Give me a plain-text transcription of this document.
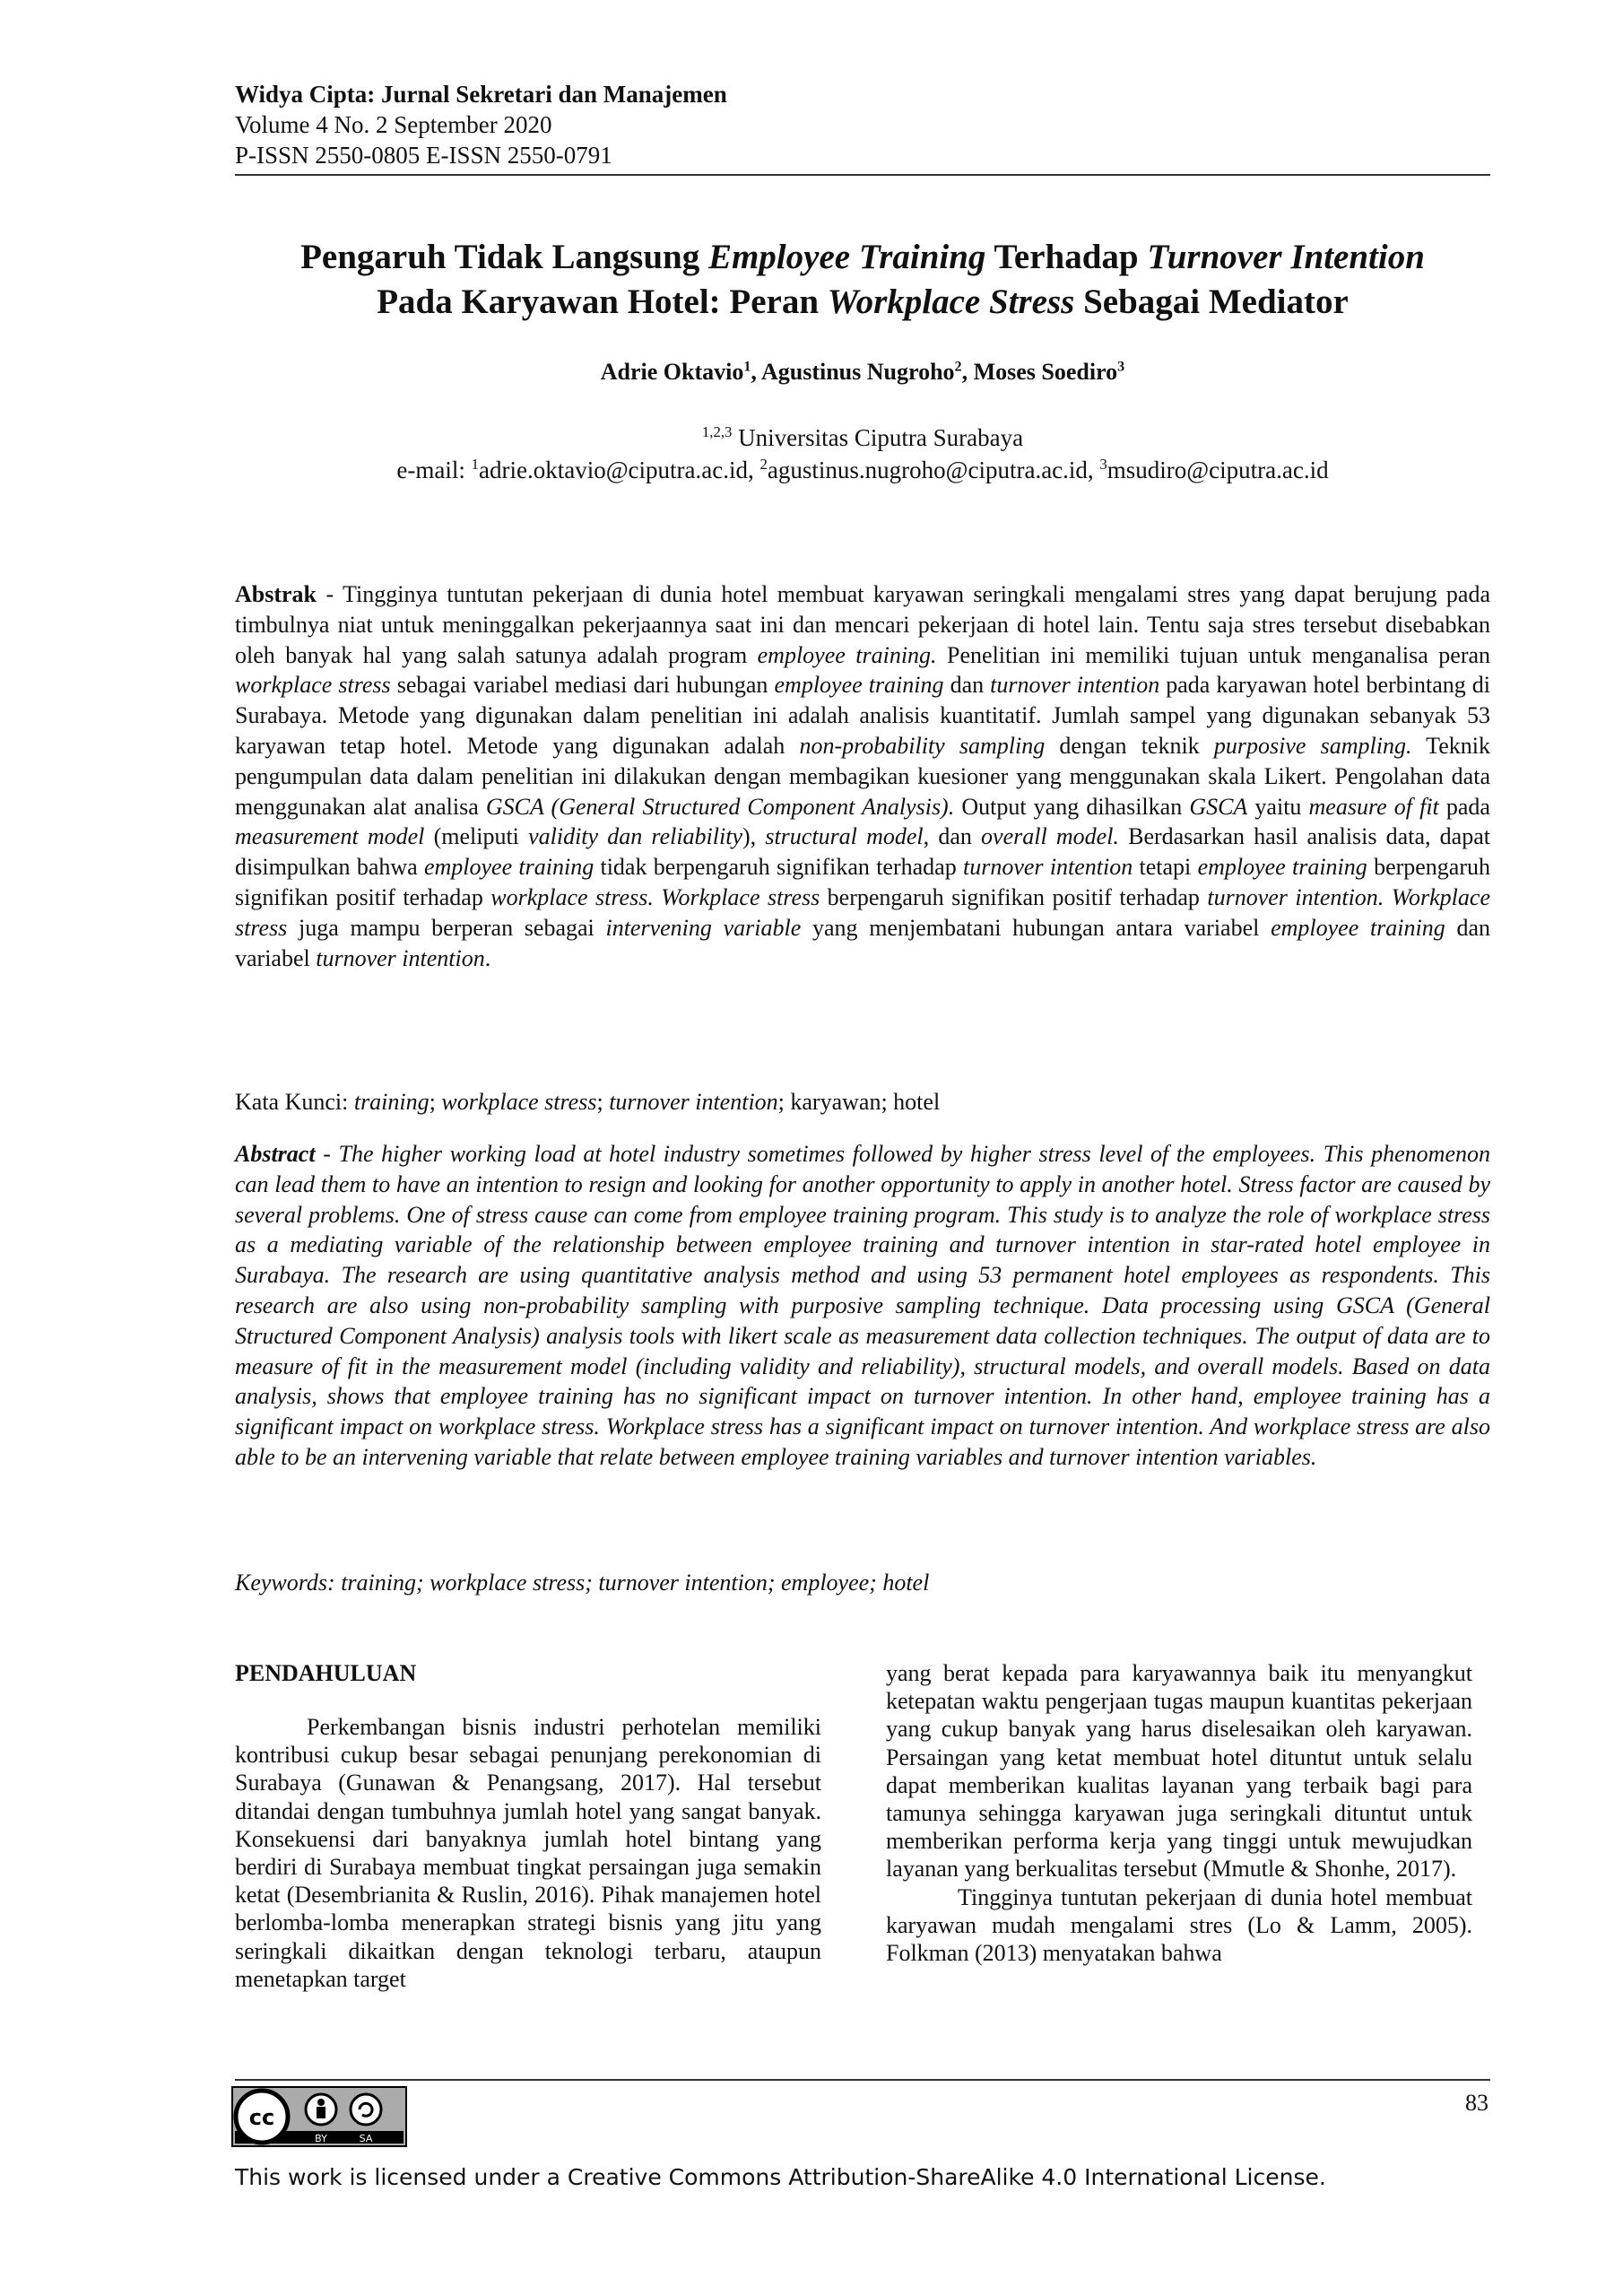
Widya Cipta: Jurnal Sekretari dan Manajemen
Volume 4 No. 2 September 2020
P-ISSN 2550-0805 E-ISSN 2550-0791
Pengaruh Tidak Langsung Employee Training Terhadap Turnover Intention
Pada Karyawan Hotel: Peran Workplace Stress Sebagai Mediator
Adrie Oktavio$^1$, Agustinus Nugroho$^2$, Moses Soediro$^3$
$^{1,2,3}$ Universitas Ciputra Surabaya
e-mail: $^1$adrie.oktavio@ciputra.ac.id, $^2$agustinus.nugroho@ciputra.ac.id, $^3$msudiro@ciputra.ac.id
Abstrak - Tingginya tuntutan pekerjaan di dunia hotel membuat karyawan seringkali mengalami stres yang dapat berujung pada timbulnya niat untuk meninggalkan pekerjaannya saat ini dan mencari pekerjaan di hotel lain. Tentu saja stres tersebut disebabkan oleh banyak hal yang salah satunya adalah program employee training. Penelitian ini memiliki tujuan untuk menganalisa peran workplace stress sebagai variabel mediasi dari hubungan employee training dan turnover intention pada karyawan hotel berbintang di Surabaya. Metode yang digunakan dalam penelitian ini adalah analisis kuantitatif. Jumlah sampel yang digunakan sebanyak 53 karyawan tetap hotel. Metode yang digunakan adalah non-probability sampling dengan teknik purposive sampling. Teknik pengumpulan data dalam penelitian ini dilakukan dengan membagikan kuesioner yang menggunakan skala Likert. Pengolahan data menggunakan alat analisa GSCA (General Structured Component Analysis). Output yang dihasilkan GSCA yaitu measure of fit pada measurement model (meliputi validity dan reliability), structural model, dan overall model. Berdasarkan hasil analisis data, dapat disimpulkan bahwa employee training tidak berpengaruh signifikan terhadap turnover intention tetapi employee training berpengaruh signifikan positif terhadap workplace stress. Workplace stress berpengaruh signifikan positif terhadap turnover intention. Workplace stress juga mampu berperan sebagai intervening variable yang menjembatani hubungan antara variabel employee training dan variabel turnover intention.
Kata Kunci: training; workplace stress; turnover intention; karyawan; hotel
Abstract - The higher working load at hotel industry sometimes followed by higher stress level of the employees. This phenomenon can lead them to have an intention to resign and looking for another opportunity to apply in another hotel. Stress factor are caused by several problems. One of stress cause can come from employee training program. This study is to analyze the role of workplace stress as a mediating variable of the relationship between employee training and turnover intention in star-rated hotel employee in Surabaya. The research are using quantitative analysis method and using 53 permanent hotel employees as respondents. This research are also using non-probability sampling with purposive sampling technique. Data processing using GSCA (General Structured Component Analysis) analysis tools with likert scale as measurement data collection techniques. The output of data are to measure of fit in the measurement model (including validity and reliability), structural models, and overall models. Based on data analysis, shows that employee training has no significant impact on turnover intention. In other hand, employee training has a significant impact on workplace stress. Workplace stress has a significant impact on turnover intention. And workplace stress are also able to be an intervening variable that relate between employee training variables and turnover intention variables.
Keywords: training; workplace stress; turnover intention; employee; hotel
PENDAHULUAN

Perkembangan bisnis industri perhotelan memiliki kontribusi cukup besar sebagai penunjang perekonomian di Surabaya (Gunawan & Penangsang, 2017). Hal tersebut ditandai dengan tumbuhnya jumlah hotel yang sangat banyak. Konsekuensi dari banyaknya jumlah hotel bintang yang berdiri di Surabaya membuat tingkat persaingan juga semakin ketat (Desembrianita & Ruslin, 2016). Pihak manajemen hotel berlomba-lomba menerapkan strategi bisnis yang jitu yang seringkali dikaitkan dengan teknologi terbaru, ataupun menetapkan target

yang berat kepada para karyawannya baik itu menyangkut ketepatan waktu pengerjaan tugas maupun kuantitas pekerjaan yang cukup banyak yang harus diselesaikan oleh karyawan. Persaingan yang ketat membuat hotel dituntut untuk selalu dapat memberikan kualitas layanan yang terbaik bagi para tamunya sehingga karyawan juga seringkali dituntut untuk memberikan performa kerja yang tinggi untuk mewujudkan layanan yang berkualitas tersebut (Mmutle & Shonhe, 2017).

Tingginya tuntutan pekerjaan di dunia hotel membuat karyawan mudah mengalami stres (Lo & Lamm, 2005). Folkman (2013) menyatakan bahwa

cc
BY	SA
83
This work is licensed under a Creative Commons Attribution-ShareAlike 4.0 International License.
